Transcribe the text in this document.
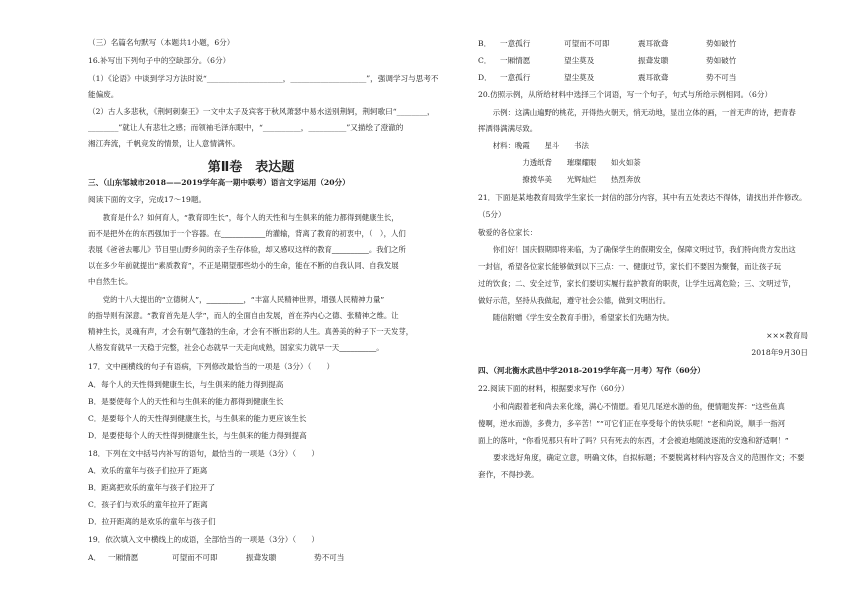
（三）名篇名句默写（本题共1小题，6分）
16.补写出下列句子中的空缺部分。（6分）
（1）《论语》中谈到学习方法时说“____________________，____________________”，强调学习与思考不
能偏废。
（2）古人多悲秋，《荆轲刺秦王》一文中太子及宾客于秋风萧瑟中易水送别荆轲，荆轲歌曰“________，
________”就让人有悲壮之感；而领袖毛泽东眼中，“__________，__________”又描绘了澄澈的
湘江奔流，千帆竞发的情景，让人意情满怀。
第Ⅱ卷　表达题
三、（山东邹城市2018——2019学年高一期中联考）语言文字运用（20分）
阅读下面的文字，完成17～19题。
　　教育是什么？如何育人，“教育即生长”，每个人的天性和与生俱来的能力都得到健康生长，
而不是把外在的东西强加于一个容器。在____________的灌输，背离了教育的初衷中，（　），人们
表展《爸爸去哪儿》节目里山野乡间的亲子生存体验，却又感叹这样的教育__________。我们之所
以在多少年前就提出“素质教育”，不正是期望那些幼小的生命，能在不断的自我认同、自我发展
中自然生长。
　　党的十八大提出的“立德树人”，__________，“丰富人民精神世界，增强人民精神力量”
的指导则有深意。“教育首先是人学”，而人的全面自由发展，首在养内心之德、张精神之维。让
精神生长，灵魂有声，才会有朝气蓬勃的生命，才会有不断出彩的人生。真善美的种子下一天发芽，
人格发育就早一天稳于完整，社会心态就早一天走向成熟，国家实力就早一天__________。
17．文中画横线的句子有语病，下列修改最恰当的一项是（3分）（　　）
A．每个人的天性得到健康生长，与生俱来的能力得到提高
B．是要使每个人的天性和与生俱来的能力都得到健康生长
C．是要每个人的天性得到健康生长，与生俱来的能力更应该生长
D．是要使每个人的天性得到健康生长，与生俱来的能力得到提高
18．下列在文中括号内补写的语句，最恰当的一项是（3分）（　　）
A．欢乐的童年与孩子们拉开了距离
B．距离把欢乐的童年与孩子们拉开了
C．孩子们与欢乐的童年拉开了距离
D．拉开距离的是欢乐的童年与孩子们
19．依次填入文中横线上的成语，全部恰当的一项是（3分）（　　）
A． 一厢情愿	可望而不可即	振聋发聩	势不可当
B． 一意孤行	可望而不可即	震耳欲聋	势如破竹
C． 一厢情愿	望尘莫及	振聋发聩	势如破竹
D． 一意孤行	望尘莫及	震耳欲聋	势不可当
20.仿照示例，从所给材料中选择三个词语，写一个句子，句式与所给示例相同。（6分）
　　示例：这满山遍野的桃花，开得热火朝天，悄无动地，显出立体的画，一首无声的诗，把青春
挥洒得满满尽致。
　　材料：晚霞　　星斗　　书法
　　　　　　力透纸背　　璀璨耀眼　　如火如荼
　　　　　　撩拨华美　　光辉灿烂　　热烈奔放
21．下面是某地教育局致学生家长一封信的部分内容，其中有五处表达不得体，请找出并作修改。
（5分）
敬爱的各位家长：
　　你们好！国庆假期即将来临，为了确保学生的假期安全，保障文明过节，我们特向贵方发出这
一封信，希望各位家长能够做到以下三点：一、健康过节，家长们不要因为聚餐，而让孩子玩
过的饮食；二、安全过节，家长们要切实履行监护教育的职责，让学生远离危险；三、文明过节，
做好示范，坚持从我做起，遵守社会公德，做到文明出行。
　　随信附赠《学生安全教育手册》，希望家长们先睹为快。
×××教育局
2018年9月30日
四、（河北衡水武邑中学2018-2019学年高一月考）写作（60分）
22.阅读下面的材料，根据要求写作（60分）
　　小和尚跟着老和尚去来化缘，满心不情愿。看见几尾逆水游的鱼，便情题发挥：“这些鱼真
傻啊，逆水而游，多费力，多辛苦！”“可它们正在享受每个的快乐呢！”老和尚说，顺手一指河
面上的落叶，“你看见那只有叶了吗？只有死去的东西，才会被迫地随波逐流的安逸和舒适啊！”
　　要求选好角度，确定立意，明确文体，自拟标题；不要脱离材料内容及含义的范围作文；不要
套作，不得抄袭。
